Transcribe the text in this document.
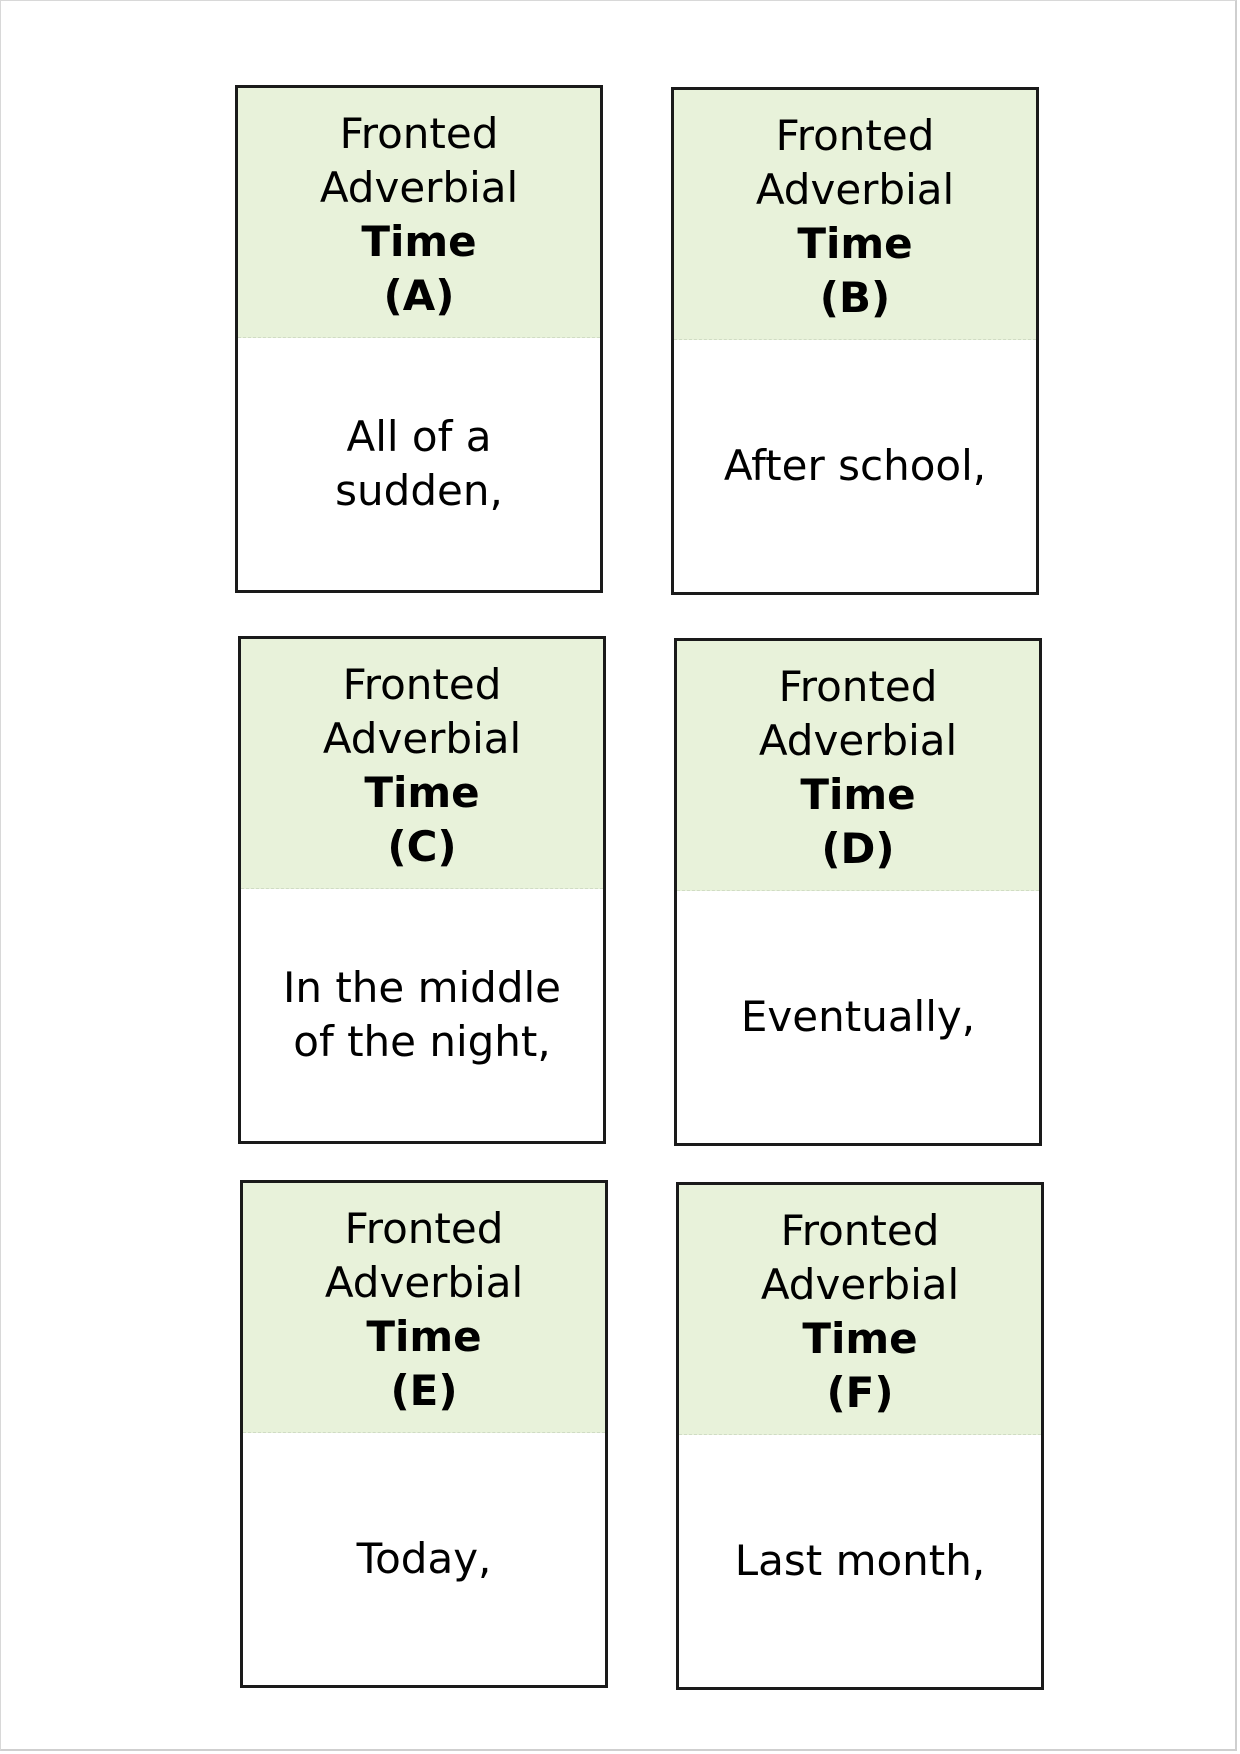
Fronted
Adverbial
Time
(A)
All of a sudden,
Fronted
Adverbial
Time
(B)
After school,
Fronted
Adverbial
Time
(C)
In the middle of the night,
Fronted
Adverbial
Time
(D)
Eventually,
Fronted
Adverbial
Time
(E)
Today,
Fronted
Adverbial
Time
(F)
Last month,
